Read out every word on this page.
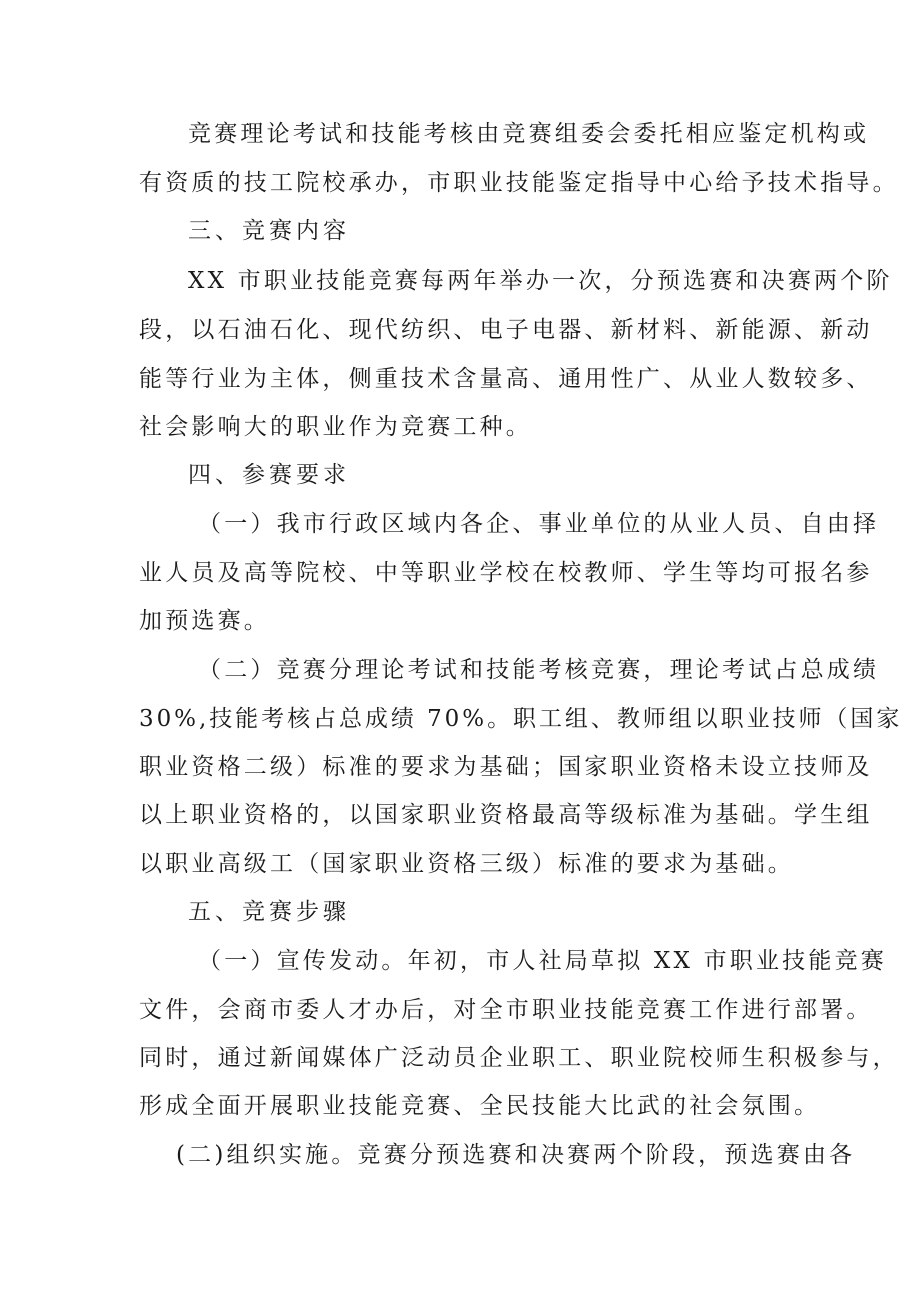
竞赛理论考试和技能考核由竞赛组委会委托相应鉴定机构或
有资质的技工院校承办，市职业技能鉴定指导中心给予技术指导。
三、竞赛内容
XX 市职业技能竞赛每两年举办一次，分预选赛和决赛两个阶
段，以石油石化、现代纺织、电子电器、新材料、新能源、新动
能等行业为主体，侧重技术含量高、通用性广、从业人数较多、
社会影响大的职业作为竞赛工种。
四、参赛要求
（一）我市行政区域内各企、事业单位的从业人员、自由择
业人员及高等院校、中等职业学校在校教师、学生等均可报名参
加预选赛。
（二）竞赛分理论考试和技能考核竞赛，理论考试占总成绩
30%,技能考核占总成绩 70%。职工组、教师组以职业技师（国家
职业资格二级）标准的要求为基础；国家职业资格未设立技师及
以上职业资格的，以国家职业资格最高等级标准为基础。学生组
以职业高级工（国家职业资格三级）标准的要求为基础。
五、竞赛步骤
（一）宣传发动。年初，市人社局草拟 XX 市职业技能竞赛
文件，会商市委人才办后，对全市职业技能竞赛工作进行部署。
同时，通过新闻媒体广泛动员企业职工、职业院校师生积极参与，
形成全面开展职业技能竞赛、全民技能大比武的社会氛围。
(二)组织实施。竞赛分预选赛和决赛两个阶段，预选赛由各
